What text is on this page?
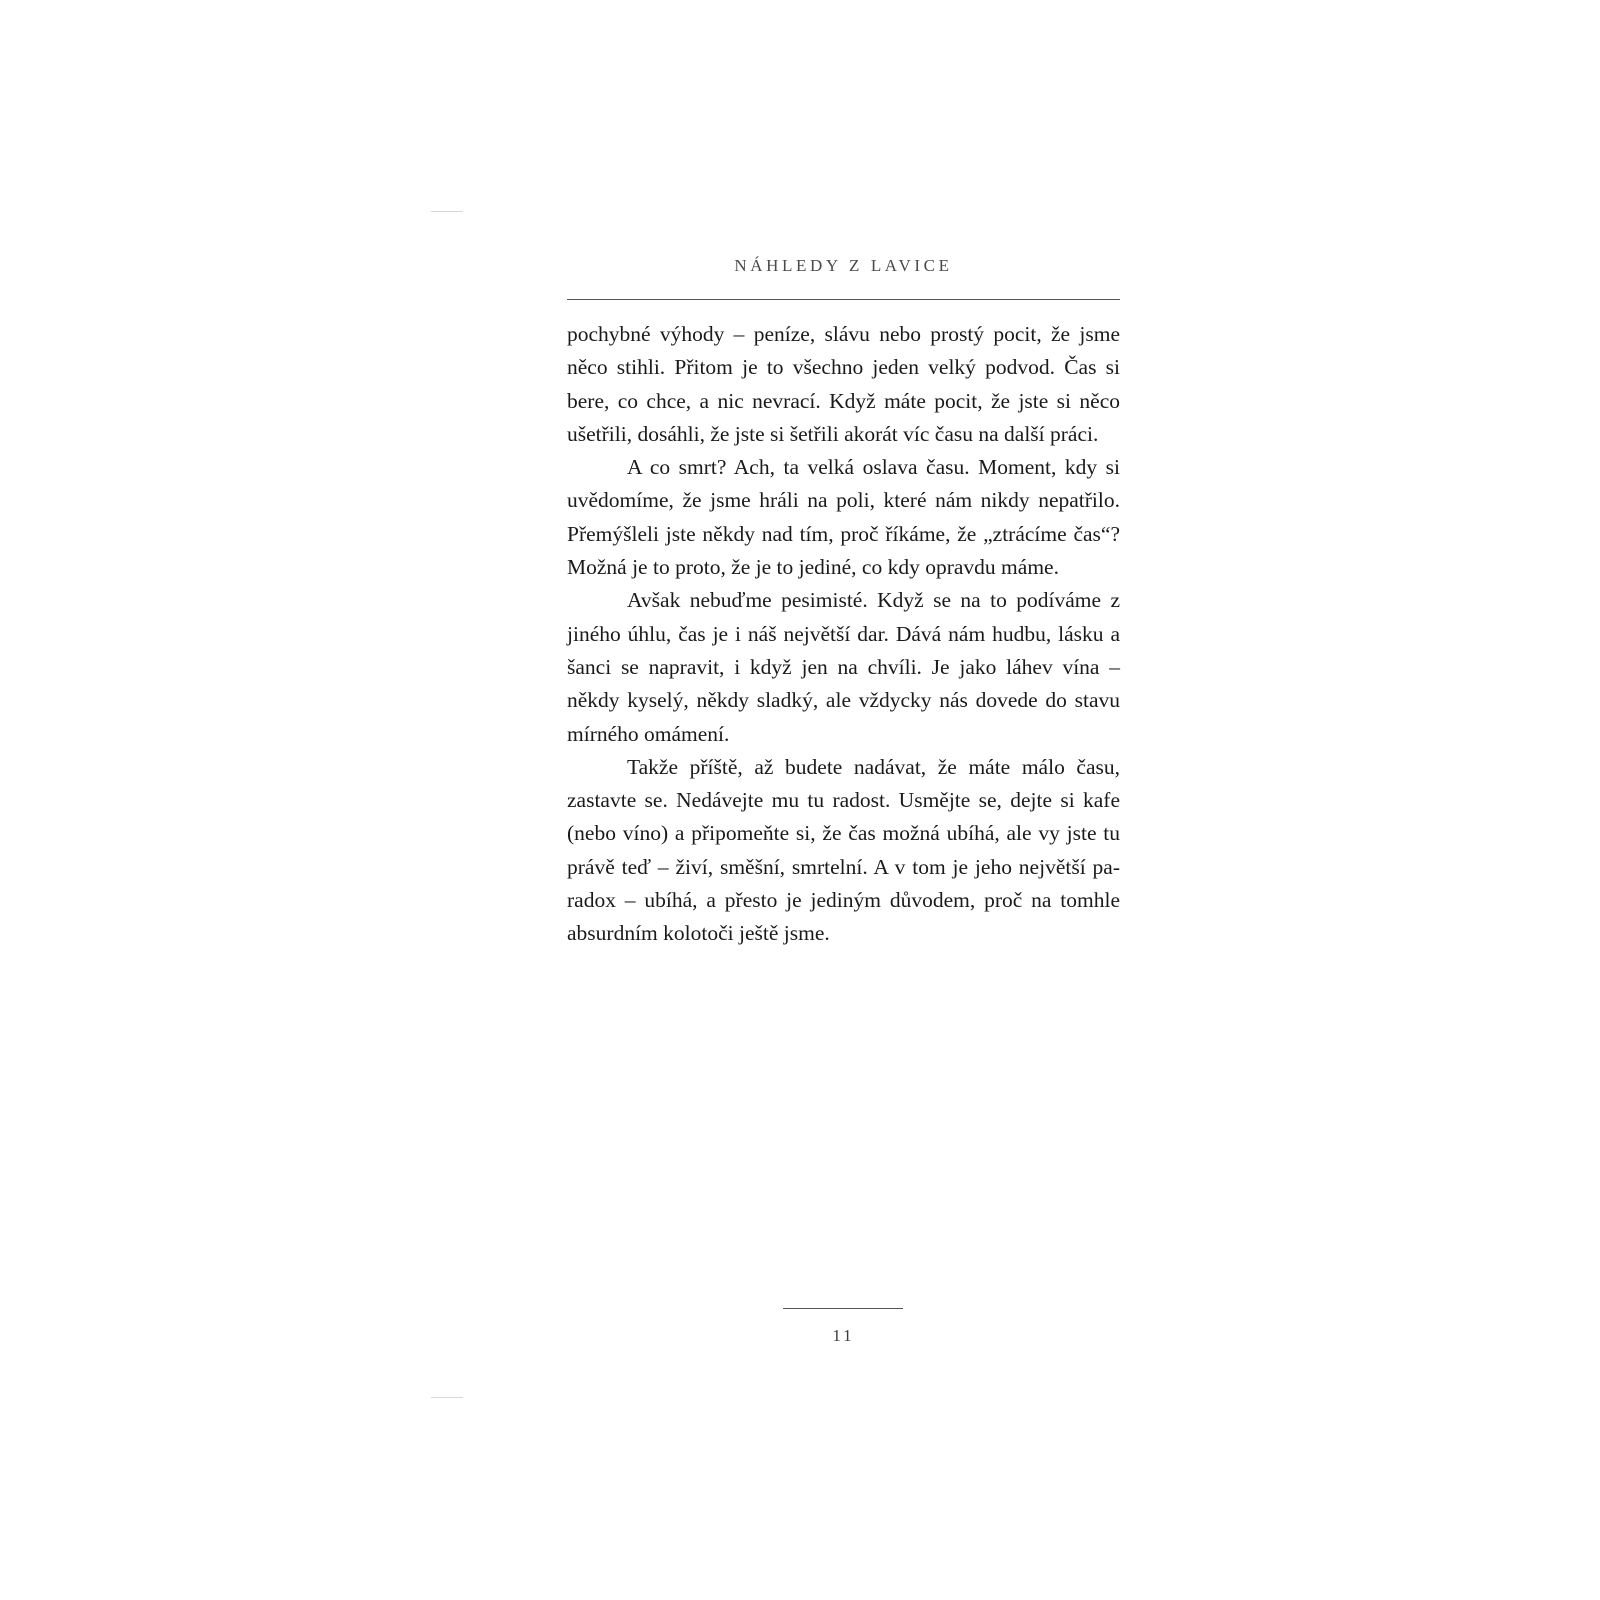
NÁHLEDY Z LAVICE

pochybné výhody – peníze, slávu nebo prostý pocit, že jsme něco stihli. Přitom je to všechno jeden velký podvod. Čas si bere, co chce, a nic nevrací. Když máte pocit, že jste si něco ušetřili, dosáhli, že jste si šetřili akorát víc času na další práci.

A co smrt? Ach, ta velká oslava času. Moment, kdy si uvědomíme, že jsme hráli na poli, které nám nikdy nepatřilo. Přemýšleli jste někdy nad tím, proč říkáme, že „ztrácíme čas“? Možná je to proto, že je to jediné, co kdy opravdu máme.

Avšak nebuďme pesimisté. Když se na to podíváme z jiného úhlu, čas je i náš největší dar. Dává nám hudbu, lásku a šanci se napravit, i když jen na chvíli. Je jako láhev vína – někdy kyselý, někdy sladký, ale vždycky nás dovede do stavu mírného omámení.

Takže příště, až budete nadávat, že máte málo času, zastavte se. Nedávejte mu tu radost. Usmějte se, dejte si kafe (nebo víno) a připomeňte si, že čas možná ubíhá, ale vy jste tu právě teď – živí, směšní, smrtelní. A v tom je jeho největší paradox – ubíhá, a přesto je jediným důvodem, proč na tomhle absurdním kolotoči ještě jsme.

11
